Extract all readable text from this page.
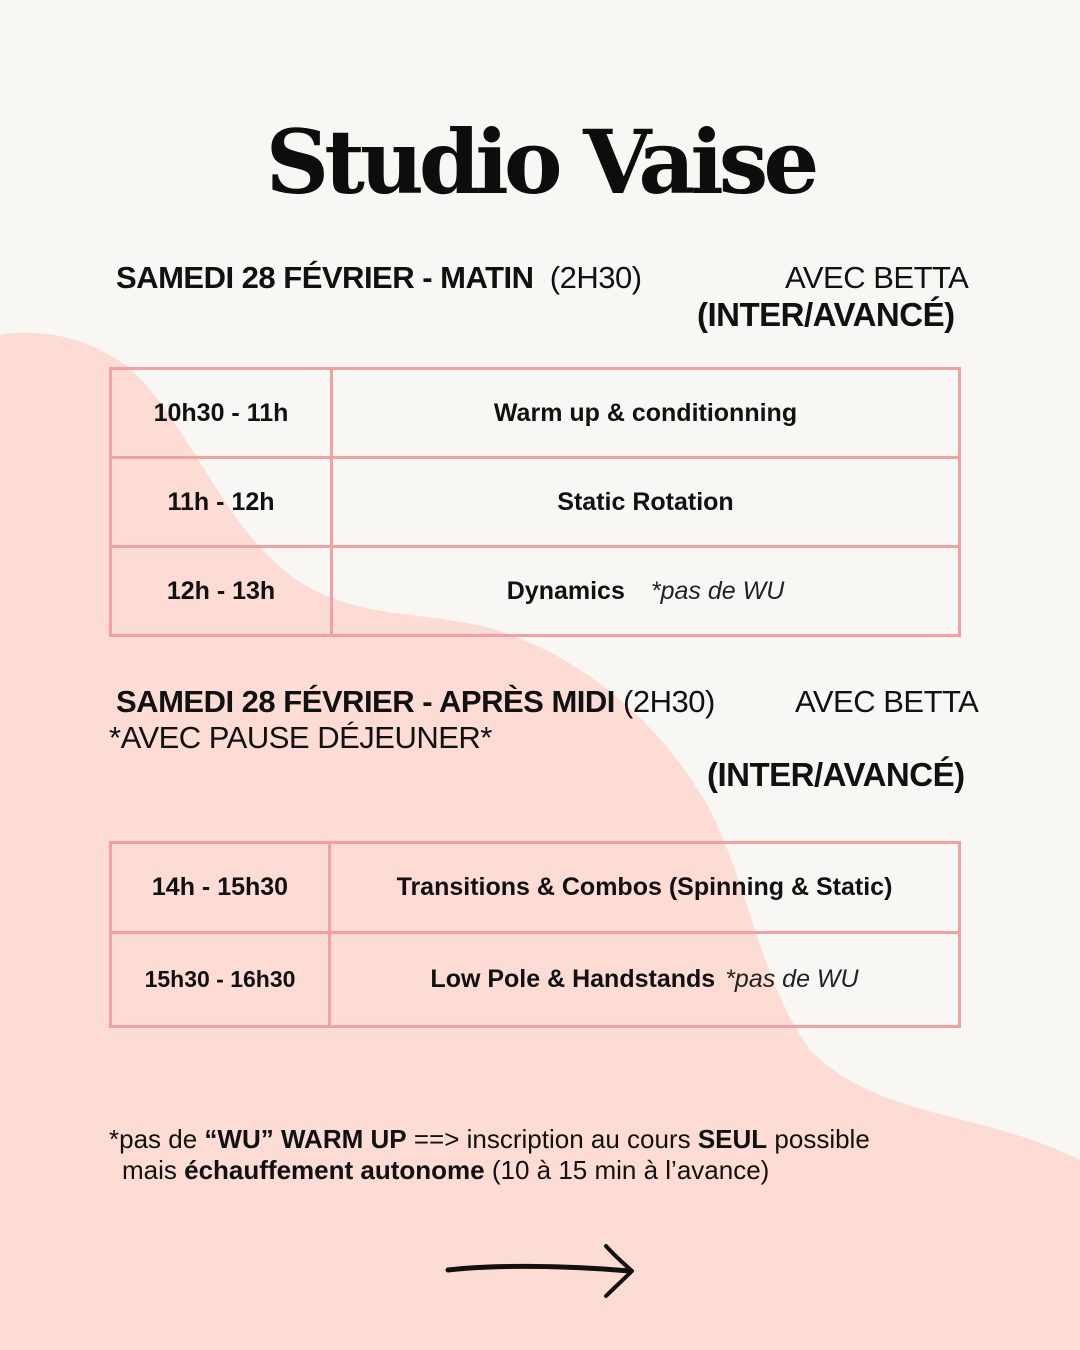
Studio Vaise
SAMEDI 28 FÉVRIER - MATIN (2H30)	AVEC BETTA
(INTER/AVANCÉ)
10h30 - 11h	Warm up & conditionning
11h - 12h	Static Rotation
12h - 13h	Dynamics *pas de WU
SAMEDI 28 FÉVRIER - APRÈS MIDI (2H30)	AVEC BETTA
*AVEC PAUSE DÉJEUNER*
(INTER/AVANCÉ)
14h - 15h30	Transitions & Combos (Spinning & Static)
15h30 - 16h30	Low Pole & Handstands *pas de WU
*pas de “WU” WARM UP ==> inscription au cours SEUL possible
mais échauffement autonome (10 à 15 min à l’avance)
